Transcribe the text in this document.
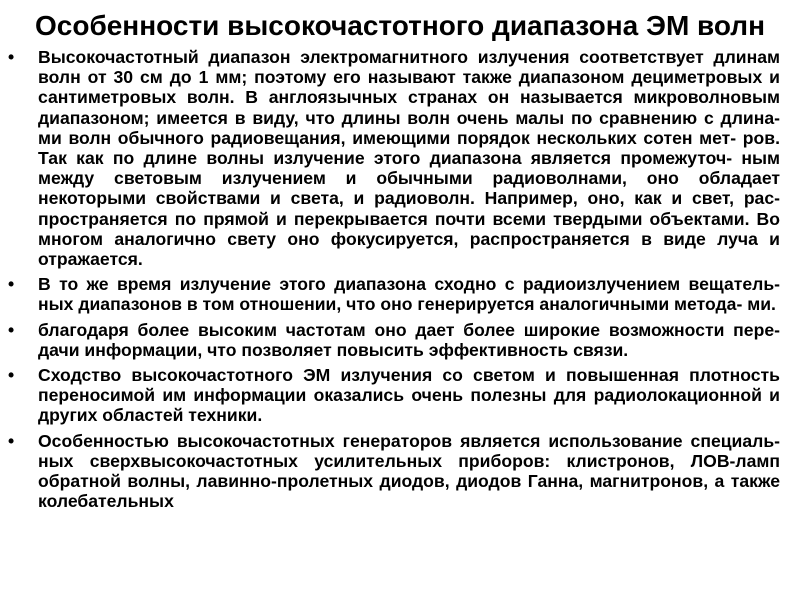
Особенности высокочастотного диапазона ЭМ волн
• Высокочастотный диапазон электромагнитного излучения соответствует длинам волн от 30 см до 1 мм; поэтому его называют также диапазоном дециметровых и сантиметровых волн. В англоязычных странах он называется микроволновым диапазоном; имеется в виду, что длины волн очень малы по сравнению с длина- ми волн обычного радиовещания, имеющими порядок нескольких сотен мет- ров. Так как по длине волны излучение этого диапазона является промежуточ- ным между световым излучением и обычными радиоволнами, оно обладает некоторыми свойствами и света, и радиоволн. Например, оно, как и свет, рас- пространяется по прямой и перекрывается почти всеми твердыми объектами. Во многом аналогично свету оно фокусируется, распространяется в виде луча и отражается.
• В то же время излучение этого диапазона сходно с радиоизлучением вещатель- ных диапазонов в том отношении, что оно генерируется аналогичными метода- ми.
• благодаря более высоким частотам оно дает более широкие возможности пере- дачи информации, что позволяет повысить эффективность связи.
• Сходство высокочастотного ЭМ излучения со светом и повышенная плотность переносимой им информации оказались очень полезны для радиолокационной и других областей техники.
• Особенностью высокочастотных генераторов является использование специаль- ных сверхвысокочастотных усилительных приборов: клистронов, ЛОВ-ламп обратной волны, лавинно-пролетных диодов, диодов Ганна, магнитронов, а также колебательных
